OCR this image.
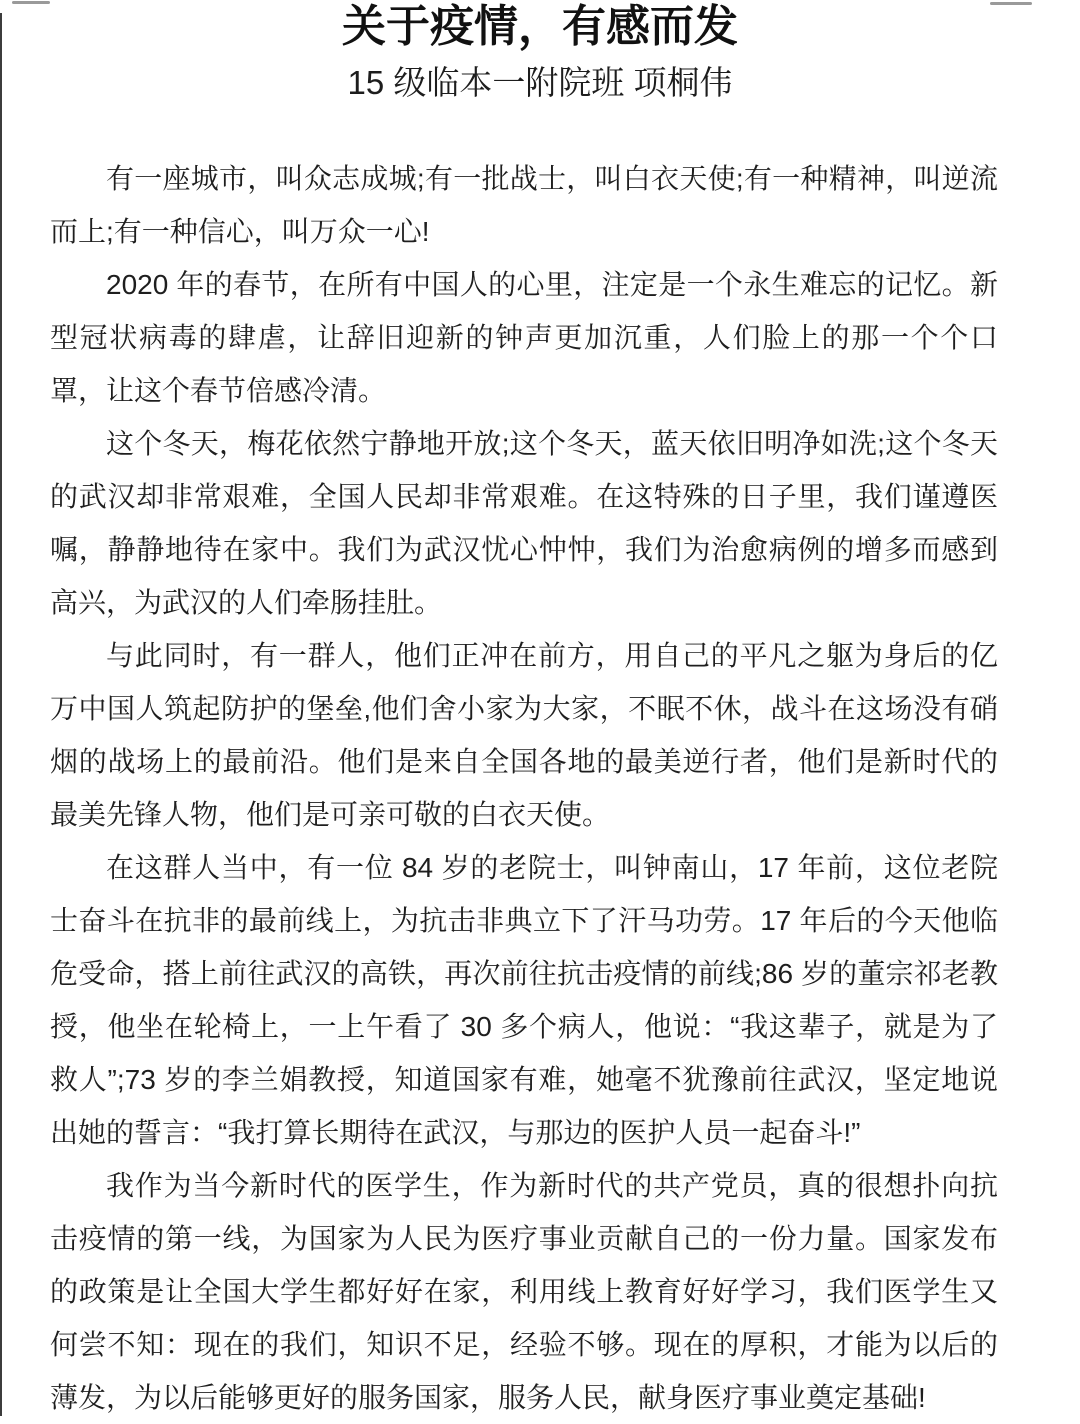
关于疫情，有感而发
15 级临本一附院班 项桐伟

有一座城市，叫众志成城;有一批战士，叫白衣天使;有一种精神，叫逆流而上;有一种信心，叫万众一心!

2020 年的春节，在所有中国人的心里，注定是一个永生难忘的记忆。新型冠状病毒的肆虐，让辞旧迎新的钟声更加沉重，人们脸上的那一个个口罩，让这个春节倍感冷清。

这个冬天，梅花依然宁静地开放;这个冬天，蓝天依旧明净如洗;这个冬天的武汉却非常艰难，全国人民却非常艰难。在这特殊的日子里，我们谨遵医嘱，静静地待在家中。我们为武汉忧心忡忡，我们为治愈病例的增多而感到高兴，为武汉的人们牵肠挂肚。

与此同时，有一群人，他们正冲在前方，用自己的平凡之躯为身后的亿万中国人筑起防护的堡垒,他们舍小家为大家，不眠不休，战斗在这场没有硝烟的战场上的最前沿。他们是来自全国各地的最美逆行者，他们是新时代的最美先锋人物，他们是可亲可敬的白衣天使。

在这群人当中，有一位 84 岁的老院士，叫钟南山，17 年前，这位老院士奋斗在抗非的最前线上，为抗击非典立下了汗马功劳。17 年后的今天他临危受命，搭上前往武汉的高铁，再次前往抗击疫情的前线;86 岁的董宗祁老教授，他坐在轮椅上，一上午看了 30 多个病人，他说：“我这辈子，就是为了救人”;73 岁的李兰娟教授，知道国家有难，她毫不犹豫前往武汉，坚定地说出她的誓言：“我打算长期待在武汉，与那边的医护人员一起奋斗!”

我作为当今新时代的医学生，作为新时代的共产党员，真的很想扑向抗击疫情的第一线，为国家为人民为医疗事业贡献自己的一份力量。国家发布的政策是让全国大学生都好好在家，利用线上教育好好学习，我们医学生又何尝不知：现在的我们，知识不足，经验不够。现在的厚积，才能为以后的薄发，为以后能够更好的服务国家，服务人民，献身医疗事业奠定基础!
